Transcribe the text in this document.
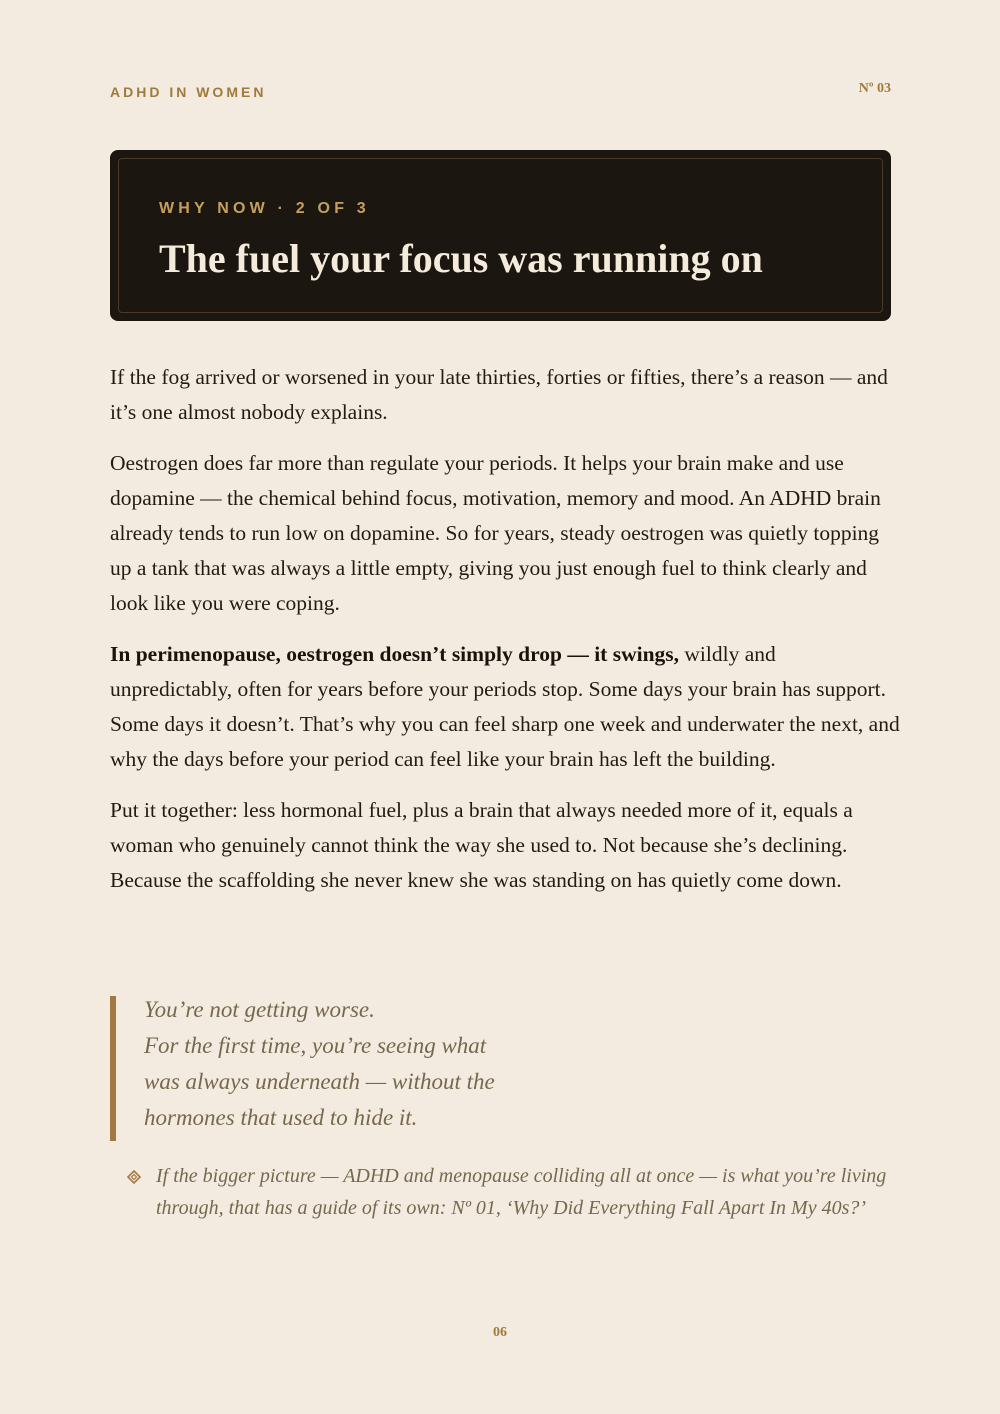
ADHD IN WOMEN	Nº 03
WHY NOW · 2 OF 3
The fuel your focus was running on

If the fog arrived or worsened in your late thirties, forties or fifties, there’s a reason — and it’s one almost nobody explains.

Oestrogen does far more than regulate your periods. It helps your brain make and use dopamine — the chemical behind focus, motivation, memory and mood. An ADHD brain already tends to run low on dopamine. So for years, steady oestrogen was quietly topping up a tank that was always a little empty, giving you just enough fuel to think clearly and look like you were coping.

In perimenopause, oestrogen doesn’t simply drop — it swings, wildly and unpredictably, often for years before your periods stop. Some days your brain has support. Some days it doesn’t. That’s why you can feel sharp one week and underwater the next, and why the days before your period can feel like your brain has left the building.

Put it together: less hormonal fuel, plus a brain that always needed more of it, equals a woman who genuinely cannot think the way she used to. Not because she’s declining. Because the scaffolding she never knew she was standing on has quietly come down.

You’re not getting worse.
For the first time, you’re seeing what
was always underneath — without the
hormones that used to hide it.
If the bigger picture — ADHD and menopause colliding all at once — is what you’re living through, that has a guide of its own: Nº 01, ‘Why Did Everything Fall Apart In My 40s?’
06
